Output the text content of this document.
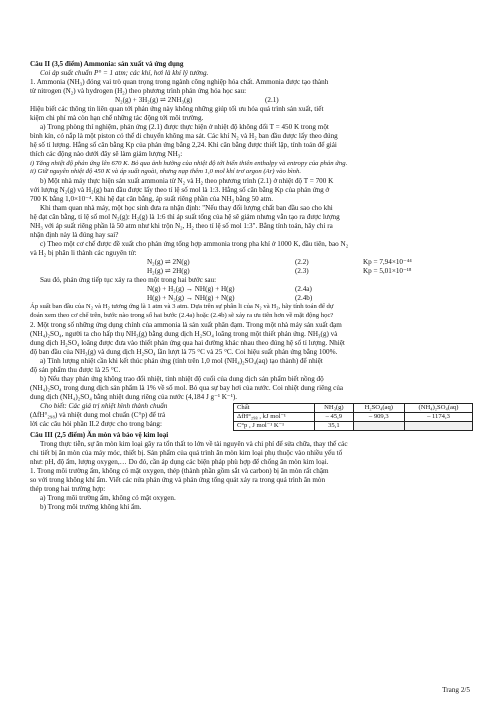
Câu II (3,5 điểm) Ammonia: sản xuất và ứng dụng

Coi áp suất chuẩn P° = 1 atm; các khí, hơi là khí lý tưởng.

1. Ammonia (NH₃) đóng vai trò quan trọng trong ngành công nghiệp hóa chất. Ammonia được tạo thành

từ nitrogen (N₂) và hydrogen (H₂) theo phương trình phản ứng hóa học sau:

N₂(g) + 3H₂(g) ⇌ 2NH₃(g)	(2.1)

Hiệu biết các thông tin liên quan tới phản ứng này không những giúp tối ưu hóa quá trình sản xuất, tiết

kiệm chi phí mà còn hạn chế những tác động tới môi trường.

a) Trong phòng thí nghiệm, phản ứng (2.1) được thực hiện ở nhiệt độ không đổi T = 450 K trong một

bình kín, có nắp là một piston có thể di chuyển không ma sát. Các khí N₂ và H₂ ban đầu được lấy theo đúng

hệ số tỉ lượng. Hằng số cân bằng Kp của phản ứng bằng 2,24. Khi cân bằng được thiết lập, tính toán để giải

thích các động nào dưới đây sẽ làm giảm lượng NH₃:

i) Tăng nhiệt độ phản ứng lên 670 K. Bỏ qua ảnh hưởng của nhiệt độ tới biến thiên enthalpy và entropy của phản ứng.

ii) Giữ nguyên nhiệt độ 450 K và áp suất ngoài, nhưng nạp thêm 1,0 mol khí trơ argon (Ar) vào bình.

b) Một nhà máy thực hiện sản xuất ammonia từ N₂ và H₂ theo phương trình (2.1) ở nhiệt độ T = 700 K

với lượng N₂(g) và H₂(g) ban đầu được lấy theo tỉ lệ số mol là 1:3. Hằng số cân bằng Kp của phản ứng ở

700 K bằng 1,0×10⁻⁴. Khi hệ đạt cân bằng, áp suất riêng phần của NH₃ bằng 50 atm.

Khi tham quan nhà máy, một học sinh đưa ra nhận định: "Nếu thay đổi lượng chất ban đầu sao cho khi

hệ đạt cân bằng, tỉ lệ số mol N₂(g): H₂(g) là 1:6 thì áp suất tổng của hệ sẽ giảm nhưng vẫn tạo ra được lượng

NH₃ với áp suất riêng phần là 50 atm như khi trộn N₂, H₂ theo tỉ lệ số mol 1:3". Bằng tính toán, hãy chỉ ra

nhận định này là đúng hay sai?

c) Theo một cơ chế được đề xuất cho phản ứng tổng hợp ammonia trong pha khí ở 1000 K, đầu tiên, bao N₂

và H₂ bị phân li thành các nguyên tử:

N₂(g) ⇌ 2N(g)	(2.2)	Kp = 7,94×10⁻⁴⁴
H₂(g) ⇌ 2H(g)	(2.3)	Kp = 5,01×10⁻¹⁸

Sau đó, phản ứng tiếp tục xảy ra theo một trong hai bước sau:

N(g) + H₂(g) → NH(g) + H(g)	(2.4a)
H(g) + N₂(g) → NH(g) + N(g)	(2.4b)

Áp suất ban đầu của N₂ và H₂ tương ứng là 1 atm và 3 atm. Dựa trên sự phân li của N₂ và H₂, hãy tính toán để dự

đoán xem theo cơ chế trên, bước nào trong số hai bước (2.4a) hoặc (2.4b) sẽ xảy ra ưu tiên hơn về mặt động học?

2. Một trong số những ứng dụng chính của ammonia là sản xuất phân đạm. Trong một nhà máy sản xuất đạm

(NH₄)₂SO₄, người ta cho hấp thụ NH₃(g) bằng dung dịch H₂SO₄ loãng trong một thiết phản ứng. NH₃(g) và

dung dịch H₂SO₄ loãng được đưa vào thiết phản ứng qua hai đường khác nhau theo đúng hệ số tỉ lượng. Nhiệt

độ ban đầu của NH₃(g) và dung dịch H₂SO₄ lần lượt là 75 °C và 25 °C. Coi hiệu suất phản ứng bằng 100%.

a) Tính lượng nhiệt cần khi kết thúc phản ứng (tính trên 1,0 mol (NH₄)₂SO₄(aq) tạo thành) để nhiệt

độ sản phẩm thu được là 25 °C.

b) Nếu thay phản ứng không trao đổi nhiệt, tính nhiệt độ cuối của dung dịch sản phẩm biết nồng độ

(NH₄)₂SO₄ trong dung dịch sản phẩm là 1% về số mol. Bỏ qua sự bay hơi của nước. Coi nhiệt dung riêng của

dung dịch (NH₄)₂SO₄ bằng nhiệt dung riêng của nước (4,184 J g⁻¹ K⁻¹).

Cho biết: Các giá trị nhiệt hình thành chuẩn

(ΔfH°₂₉₈) và nhiệt dung mol chuẩn (C°p) để trả

lời các câu hỏi phần II.2 được cho trong bảng:

Chất	NH₃(g)	H₂SO₄(aq)	(NH₄)₂SO₄(aq)
ΔfH°₂₉₈ , kJ mol⁻¹	– 45,9	– 909,3	– 1174,3
C°p , J mol⁻¹ K⁻¹	35,1		

Câu III (2,5 điểm) Ăn mòn và bảo vệ kim loại

Trong thực tiễn, sự ăn mòn kim loại gây ra tổn thất to lớn về tài nguyên và chi phí để sửa chữa, thay thế các

chi tiết bị ăn mòn của máy móc, thiết bị. Sản phẩm của quá trình ăn mòn kim loại phụ thuộc vào nhiều yếu tố

như: pH, độ ẩm, lượng oxygen,… Do đó, cần áp dụng các biện pháp phù hợp để chống ăn mòn kim loại.

1. Trong môi trường ẩm, không có mặt oxygen, thép (thành phần gồm sắt và carbon) bị ăn mòn rất chậm

so với trong không khí ẩm. Viết các nửa phản ứng và phản ứng tổng quát xảy ra trong quá trình ăn mòn

thép trong hai trường hợp:

a) Trong môi trường ẩm, không có mặt oxygen.

b) Trong môi trường không khí ẩm.

Trang 2/5
